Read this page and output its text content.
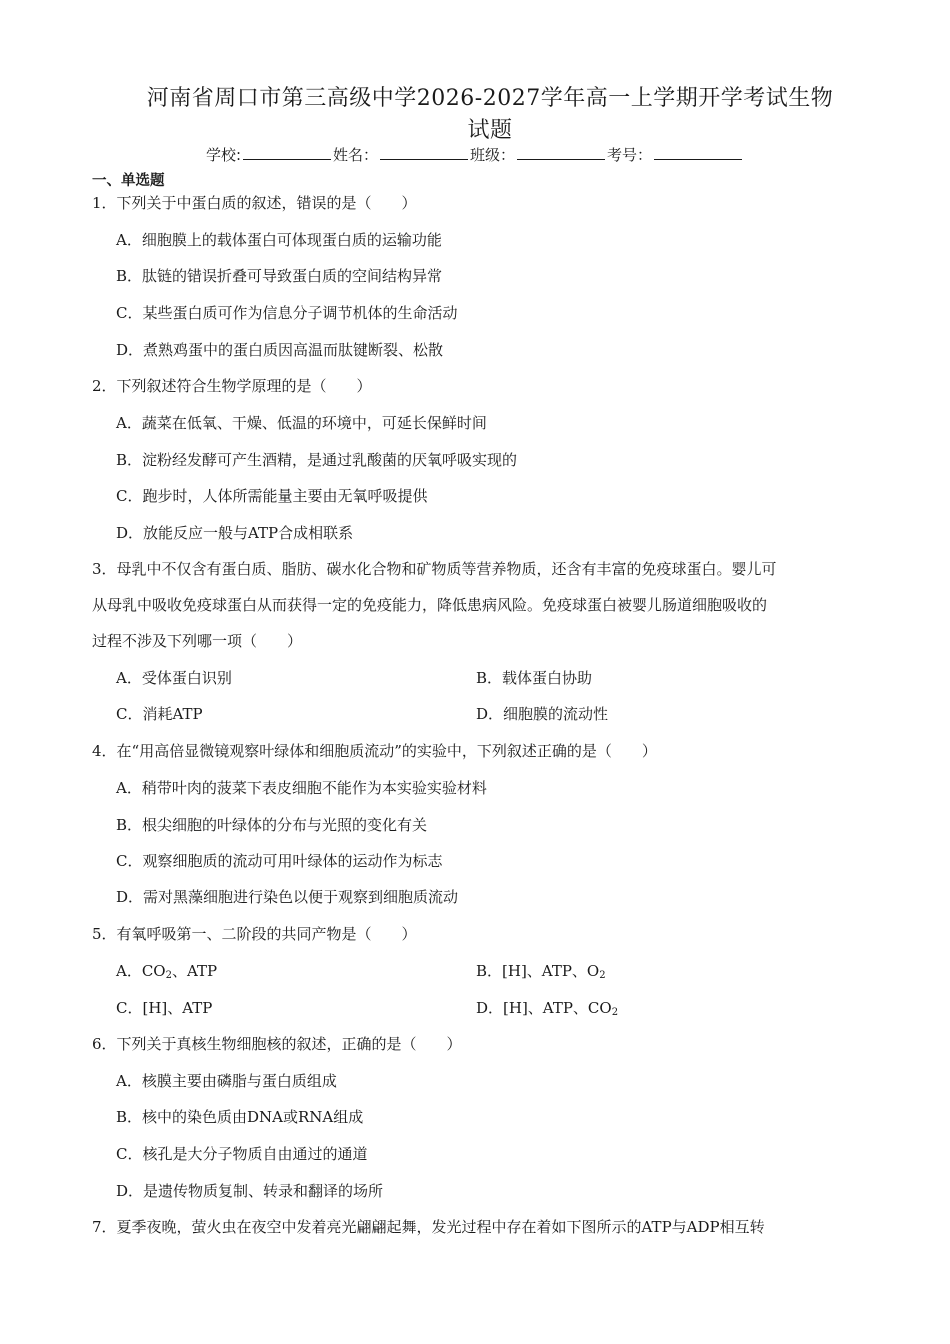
河南省周口市第三高级中学2026-2027学年高一上学期开学考试生物
试题
学校:	姓名：	班级：	考号：
一、单选题
1．下列关于中蛋白质的叙述，错误的是（　　）
A．细胞膜上的载体蛋白可体现蛋白质的运输功能
B．肽链的错误折叠可导致蛋白质的空间结构异常
C．某些蛋白质可作为信息分子调节机体的生命活动
D．煮熟鸡蛋中的蛋白质因高温而肽键断裂、松散
2．下列叙述符合生物学原理的是（　　）
A．蔬菜在低氧、干燥、低温的环境中，可延长保鲜时间
B．淀粉经发酵可产生酒精，是通过乳酸菌的厌氧呼吸实现的
C．跑步时，人体所需能量主要由无氧呼吸提供
D．放能反应一般与ATP合成相联系
3．母乳中不仅含有蛋白质、脂肪、碳水化合物和矿物质等营养物质，还含有丰富的免疫球蛋白。婴儿可
从母乳中吸收免疫球蛋白从而获得一定的免疫能力，降低患病风险。免疫球蛋白被婴儿肠道细胞吸收的
过程不涉及下列哪一项（　　）
A．受体蛋白识别	B．载体蛋白协助
C．消耗ATP	D．细胞膜的流动性
4．在“用高倍显微镜观察叶绿体和细胞质流动”的实验中，下列叙述正确的是（　　）
A．稍带叶肉的菠菜下表皮细胞不能作为本实验实验材料
B．根尖细胞的叶绿体的分布与光照的变化有关
C．观察细胞质的流动可用叶绿体的运动作为标志
D．需对黑藻细胞进行染色以便于观察到细胞质流动
5．有氧呼吸第一、二阶段的共同产物是（　　）
A．$CO_2$、ATP	B．[H]、ATP、$O_2$
C．[H]、ATP	D．[H]、ATP、$CO_2$
6．下列关于真核生物细胞核的叙述，正确的是（　　）
A．核膜主要由磷脂与蛋白质组成
B．核中的染色质由DNA或RNA组成
C．核孔是大分子物质自由通过的通道
D．是遗传物质复制、转录和翻译的场所
7．夏季夜晚，萤火虫在夜空中发着亮光翩翩起舞，发光过程中存在着如下图所示的ATP与ADP相互转
